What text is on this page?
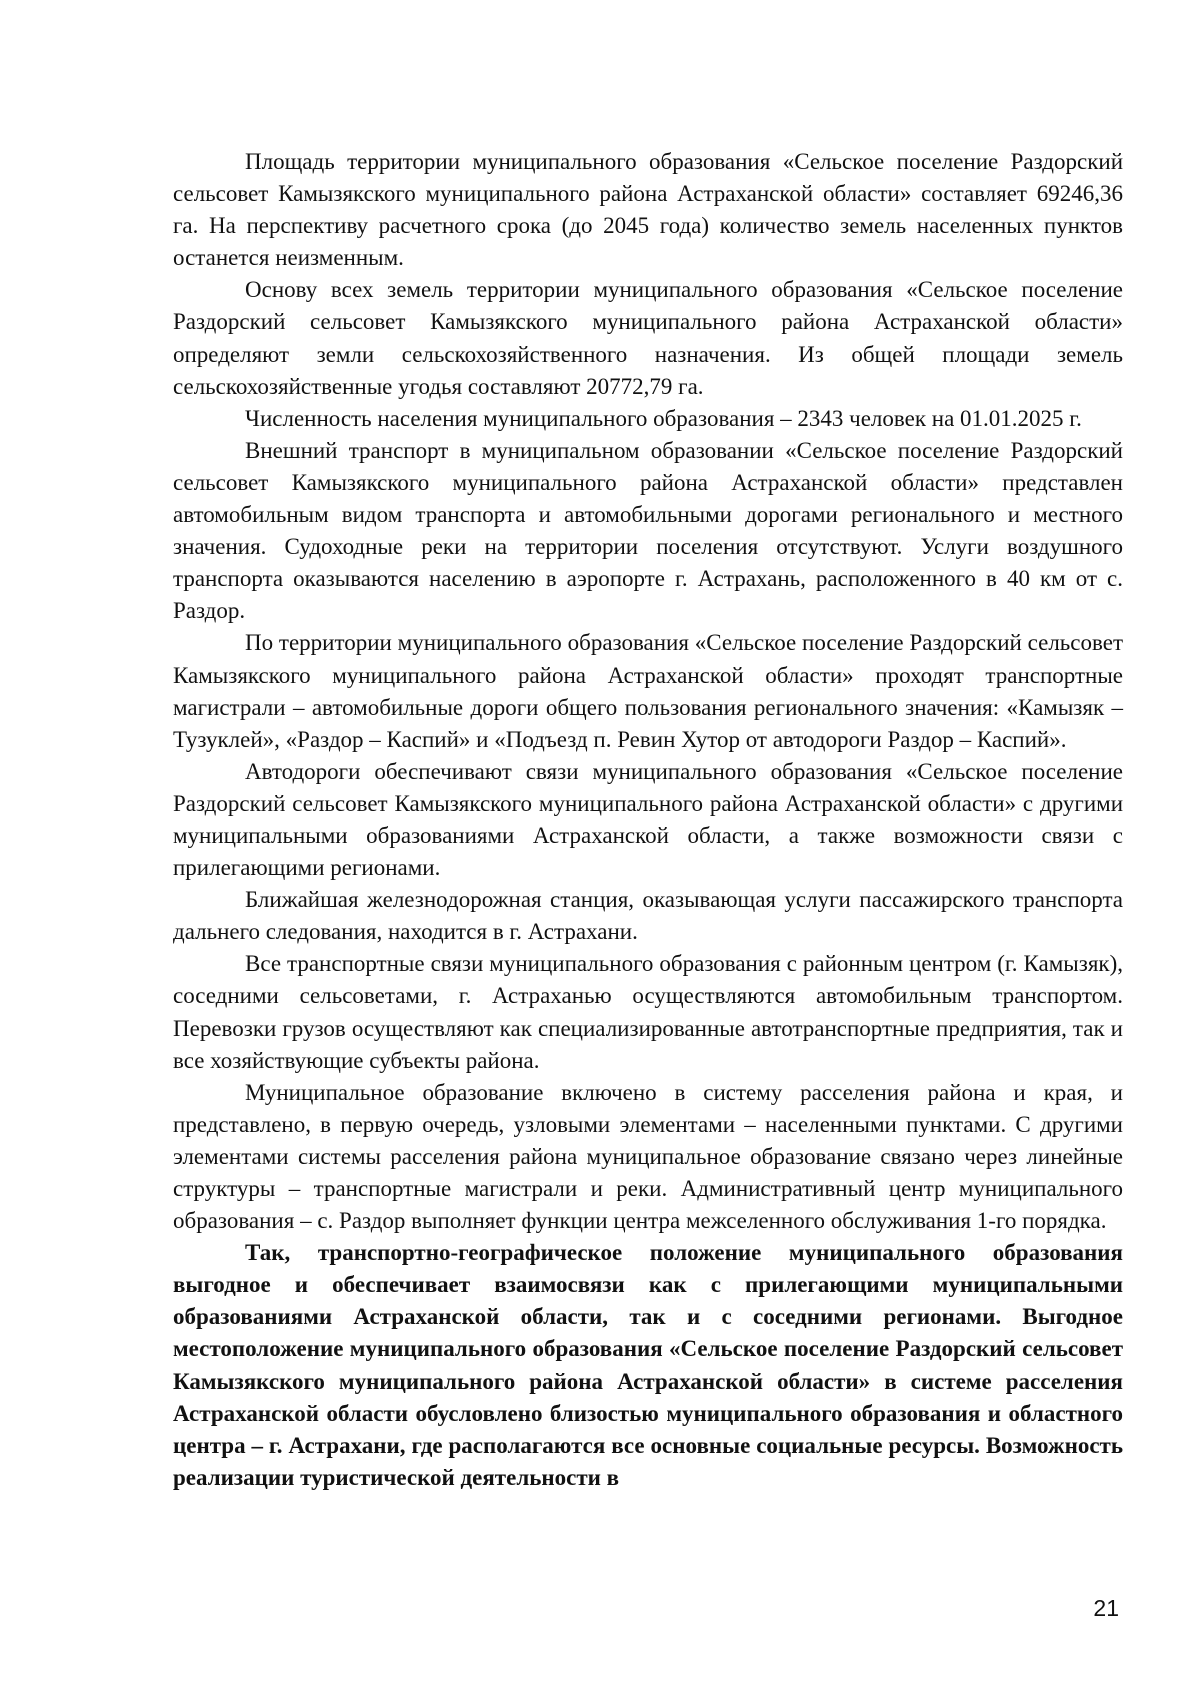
Площадь территории муниципального образования «Сельское поселение Раздорский сельсовет Камызякского муниципального района Астраханской области» составляет 69246,36 га. На перспективу расчетного срока (до 2045 года) количество земель населенных пунктов останется неизменным.

Основу всех земель территории муниципального образования «Сельское поселение Раздорский сельсовет Камызякского муниципального района Астраханской области» определяют земли сельскохозяйственного назначения. Из общей площади земель сельскохозяйственные угодья составляют 20772,79 га.

Численность населения муниципального образования – 2343 человек на 01.01.2025 г.

Внешний транспорт в муниципальном образовании «Сельское поселение Раздорский сельсовет Камызякского муниципального района Астраханской области» представлен автомобильным видом транспорта и автомобильными дорогами регионального и местного значения. Судоходные реки на территории поселения отсутствуют. Услуги воздушного транспорта оказываются населению в аэропорте г. Астрахань, расположенного в 40 км от с. Раздор.

По территории муниципального образования «Сельское поселение Раздорский сельсовет Камызякского муниципального района Астраханской области» проходят транспортные магистрали – автомобильные дороги общего пользования регионального значения: «Камызяк – Тузуклей», «Раздор – Каспий» и «Подъезд п. Ревин Хутор от автодороги Раздор – Каспий».

Автодороги обеспечивают связи муниципального образования «Сельское поселение Раздорский сельсовет Камызякского муниципального района Астраханской области» с другими муниципальными образованиями Астраханской области, а также возможности связи с прилегающими регионами.

Ближайшая железнодорожная станция, оказывающая услуги пассажирского транспорта дальнего следования, находится в г. Астрахани.

Все транспортные связи муниципального образования с районным центром (г. Камызяк), соседними сельсоветами, г. Астраханью осуществляются автомобильным транспортом. Перевозки грузов осуществляют как специализированные автотранспортные предприятия, так и все хозяйствующие субъекты района.

Муниципальное образование включено в систему расселения района и края, и представлено, в первую очередь, узловыми элементами – населенными пунктами. С другими элементами системы расселения района муниципальное образование связано через линейные структуры – транспортные магистрали и реки. Административный центр муниципального образования – с. Раздор выполняет функции центра межселенного обслуживания 1-го порядка.

Так, транспортно-географическое положение муниципального образования выгодное и обеспечивает взаимосвязи как с прилегающими муниципальными образованиями Астраханской области, так и с соседними регионами. Выгодное местоположение муниципального образования «Сельское поселение Раздорский сельсовет Камызякского муниципального района Астраханской области» в системе расселения Астраханской области обусловлено близостью муниципального образования и областного центра – г. Астрахани, где располагаются все основные социальные ресурсы. Возможность реализации туристической деятельности в

21
